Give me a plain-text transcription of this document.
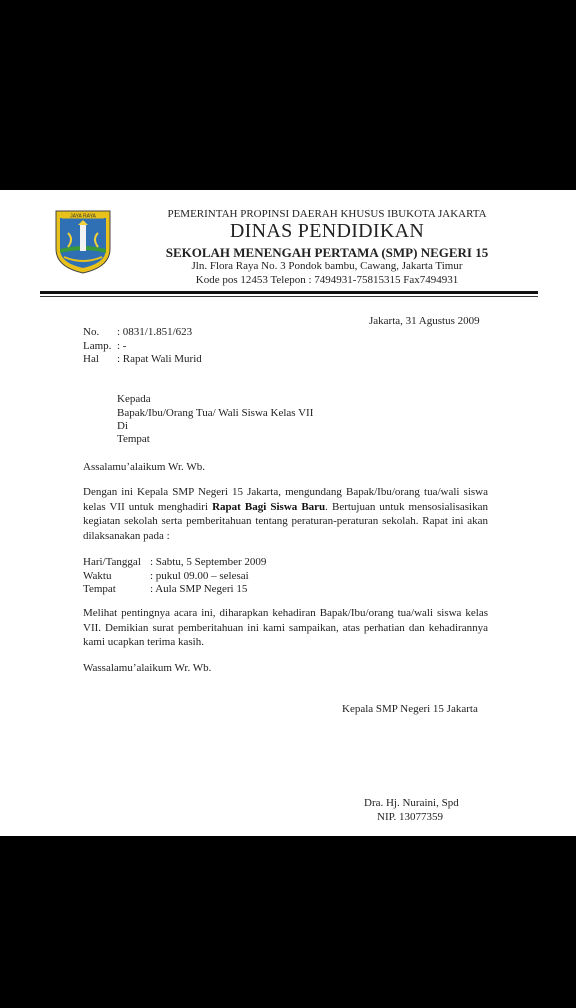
JAYA RAYA	PEMERINTAH PROPINSI DAERAH KHUSUS IBUKOTA JAKARTA
DINAS PENDIDIKAN
SEKOLAH MENENGAH PERTAMA (SMP) NEGERI 15
Jln. Flora Raya No. 3 Pondok bambu, Cawang, Jakarta Timur
Kode pos 12453 Telepon : 7494931-75815315 Fax7494931
Jakarta, 31 Agustus 2009
No. : 0831/1.851/623
Lamp. : -
Hal : Rapat Wali Murid
Kepada
Bapak/Ibu/Orang Tua/ Wali Siswa Kelas VII
Di
Tempat
Assalamu’alaikum Wr. Wb.
Dengan ini Kepala SMP Negeri 15 Jakarta, mengundang Bapak/Ibu/orang tua/wali siswa kelas VII untuk menghadiri Rapat Bagi Siswa Baru. Bertujuan untuk mensosialisasikan kegiatan sekolah serta pemberitahuan tentang peraturan-peraturan sekolah. Rapat ini akan dilaksanakan pada :
Hari/Tanggal : Sabtu, 5 September 2009
Waktu	: pukul 09.00 – selesai
Tempat	: Aula SMP Negeri 15
Melihat pentingnya acara ini, diharapkan kehadiran Bapak/Ibu/orang tua/wali siswa kelas VII. Demikian surat pemberitahuan ini kami sampaikan, atas perhatian dan kehadirannya kami ucapkan terima kasih.
Wassalamu’alaikum Wr. Wb.
Kepala SMP Negeri 15 Jakarta
Dra. Hj. Nuraini, Spd
NIP. 13077359
